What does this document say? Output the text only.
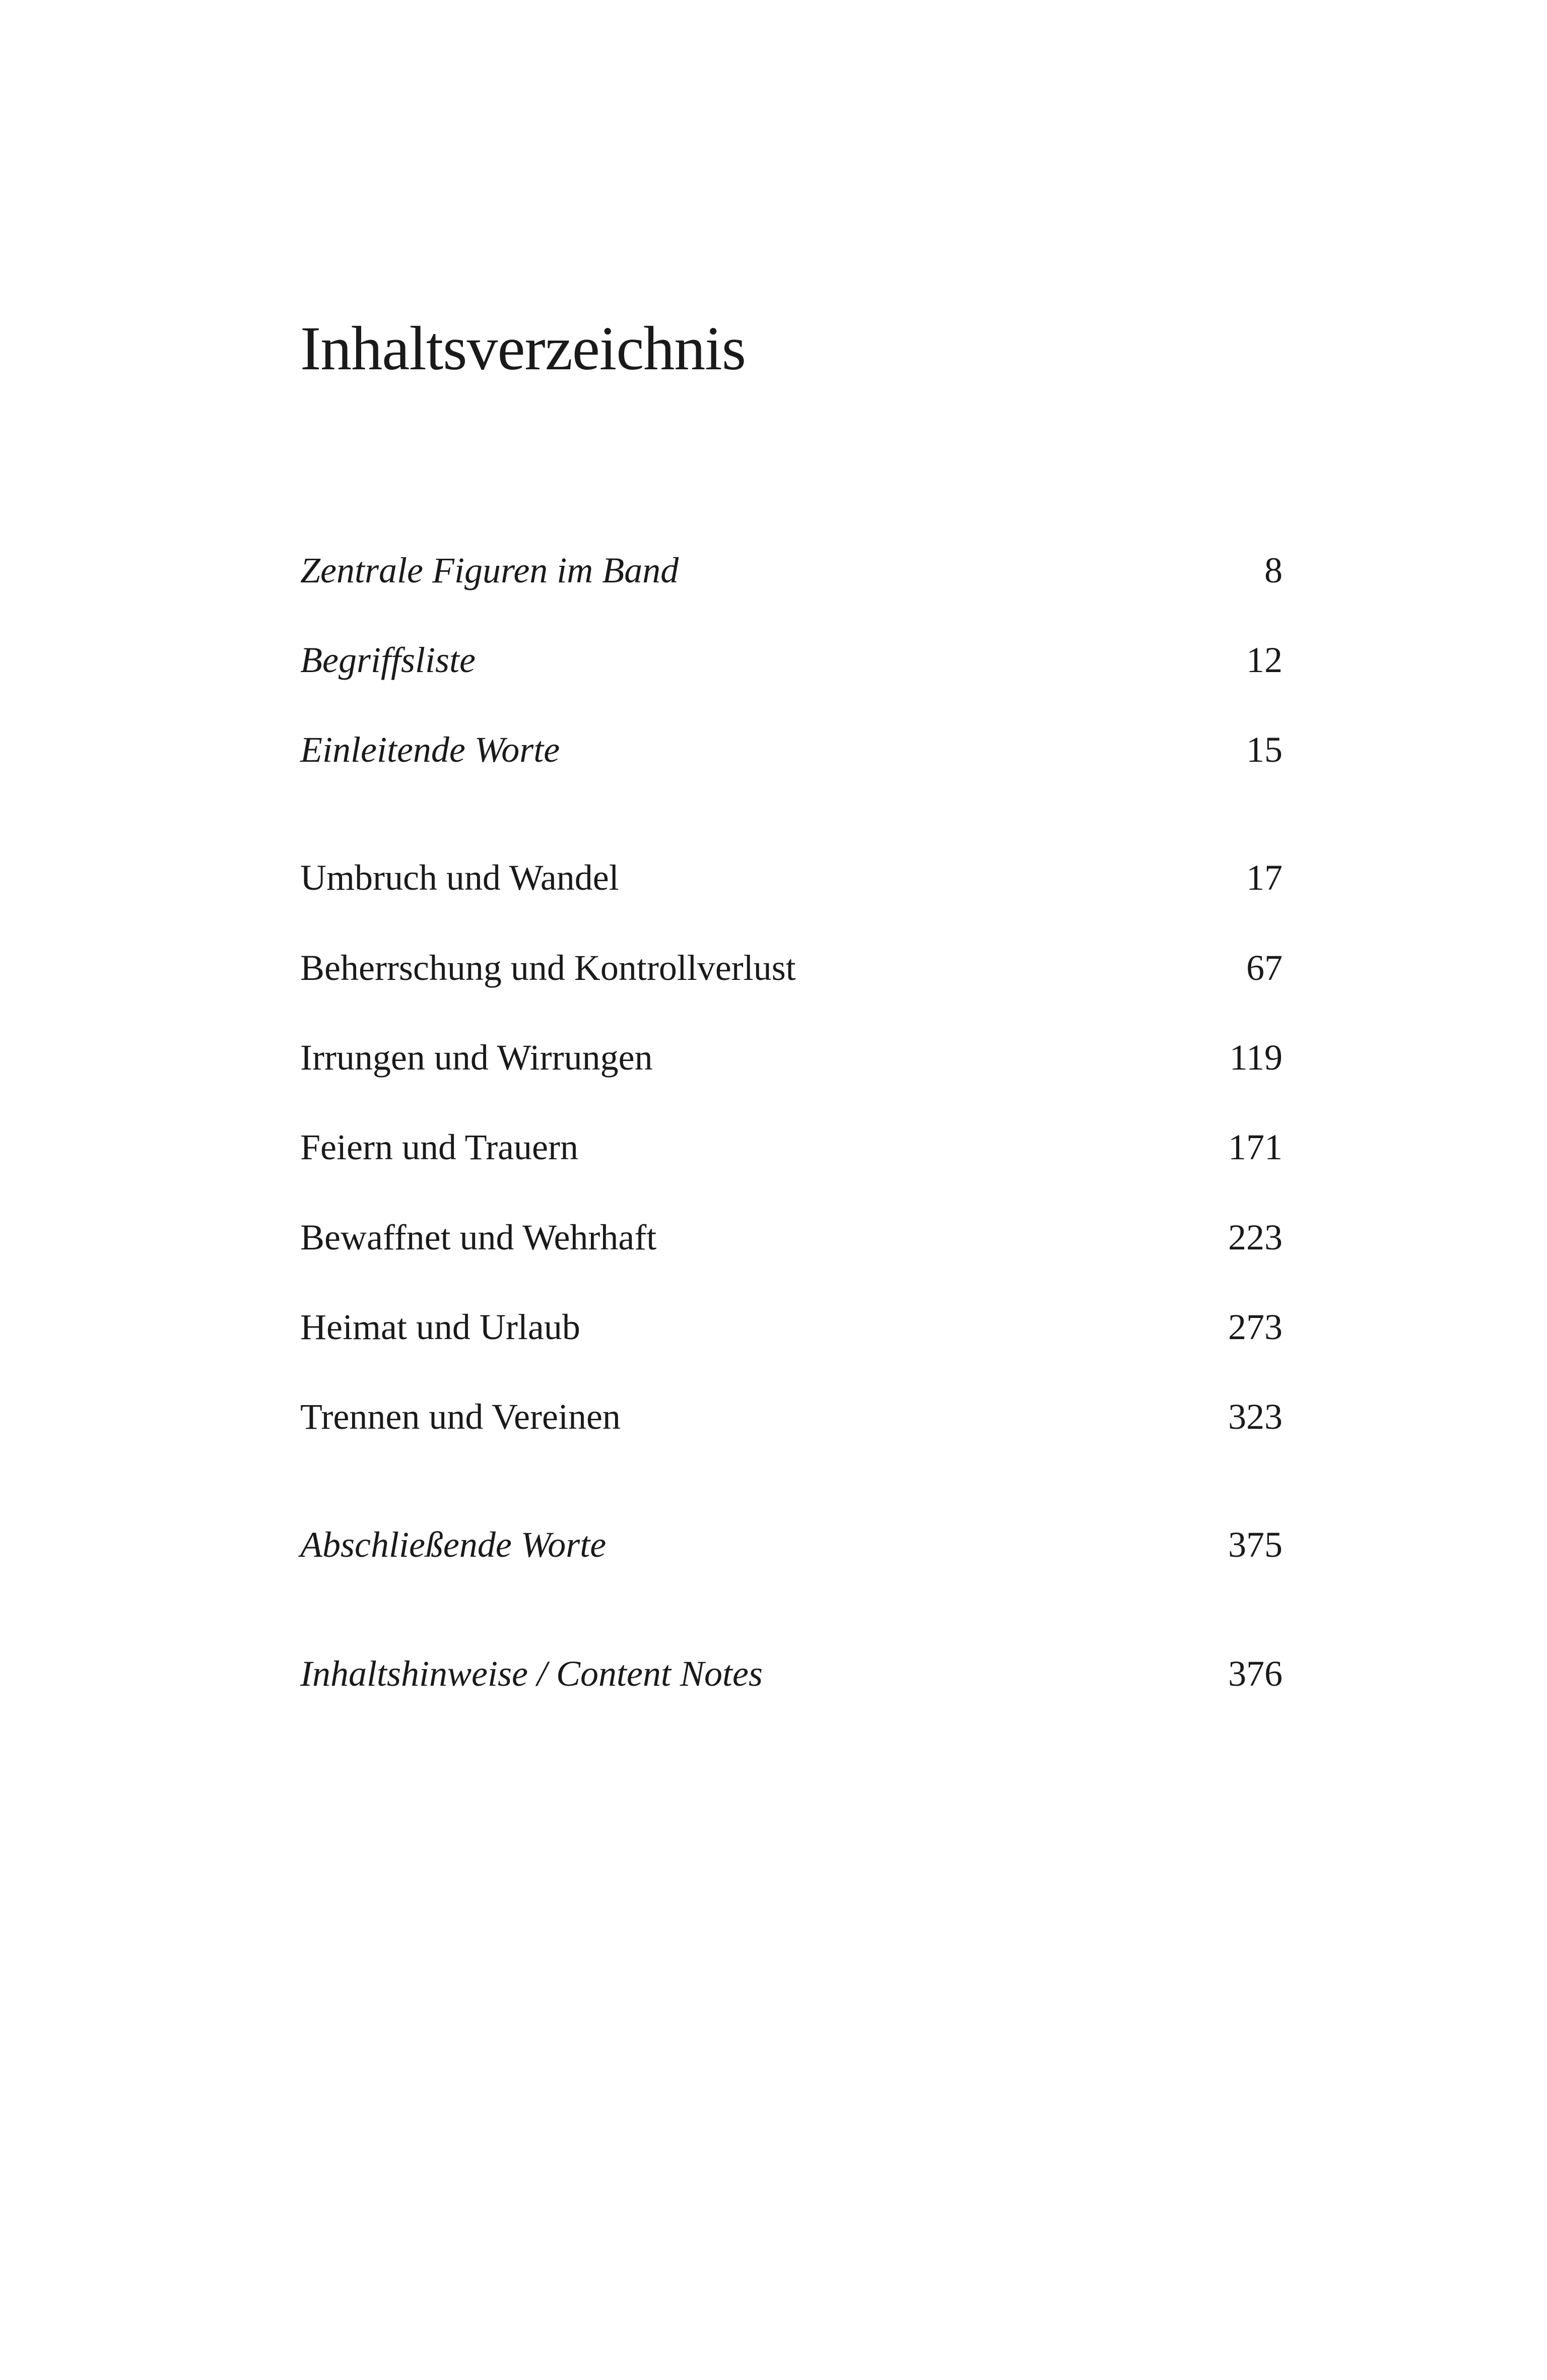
Inhaltsverzeichnis
Zentrale Figuren im Band	8
Begriffsliste	12
Einleitende Worte	15
Umbruch und Wandel	17
Beherrschung und Kontrollverlust	67
Irrungen und Wirrungen	119
Feiern und Trauern	171
Bewaffnet und Wehrhaft	223
Heimat und Urlaub	273
Trennen und Vereinen	323
Abschließende Worte	375
Inhaltshinweise / Content Notes	376
